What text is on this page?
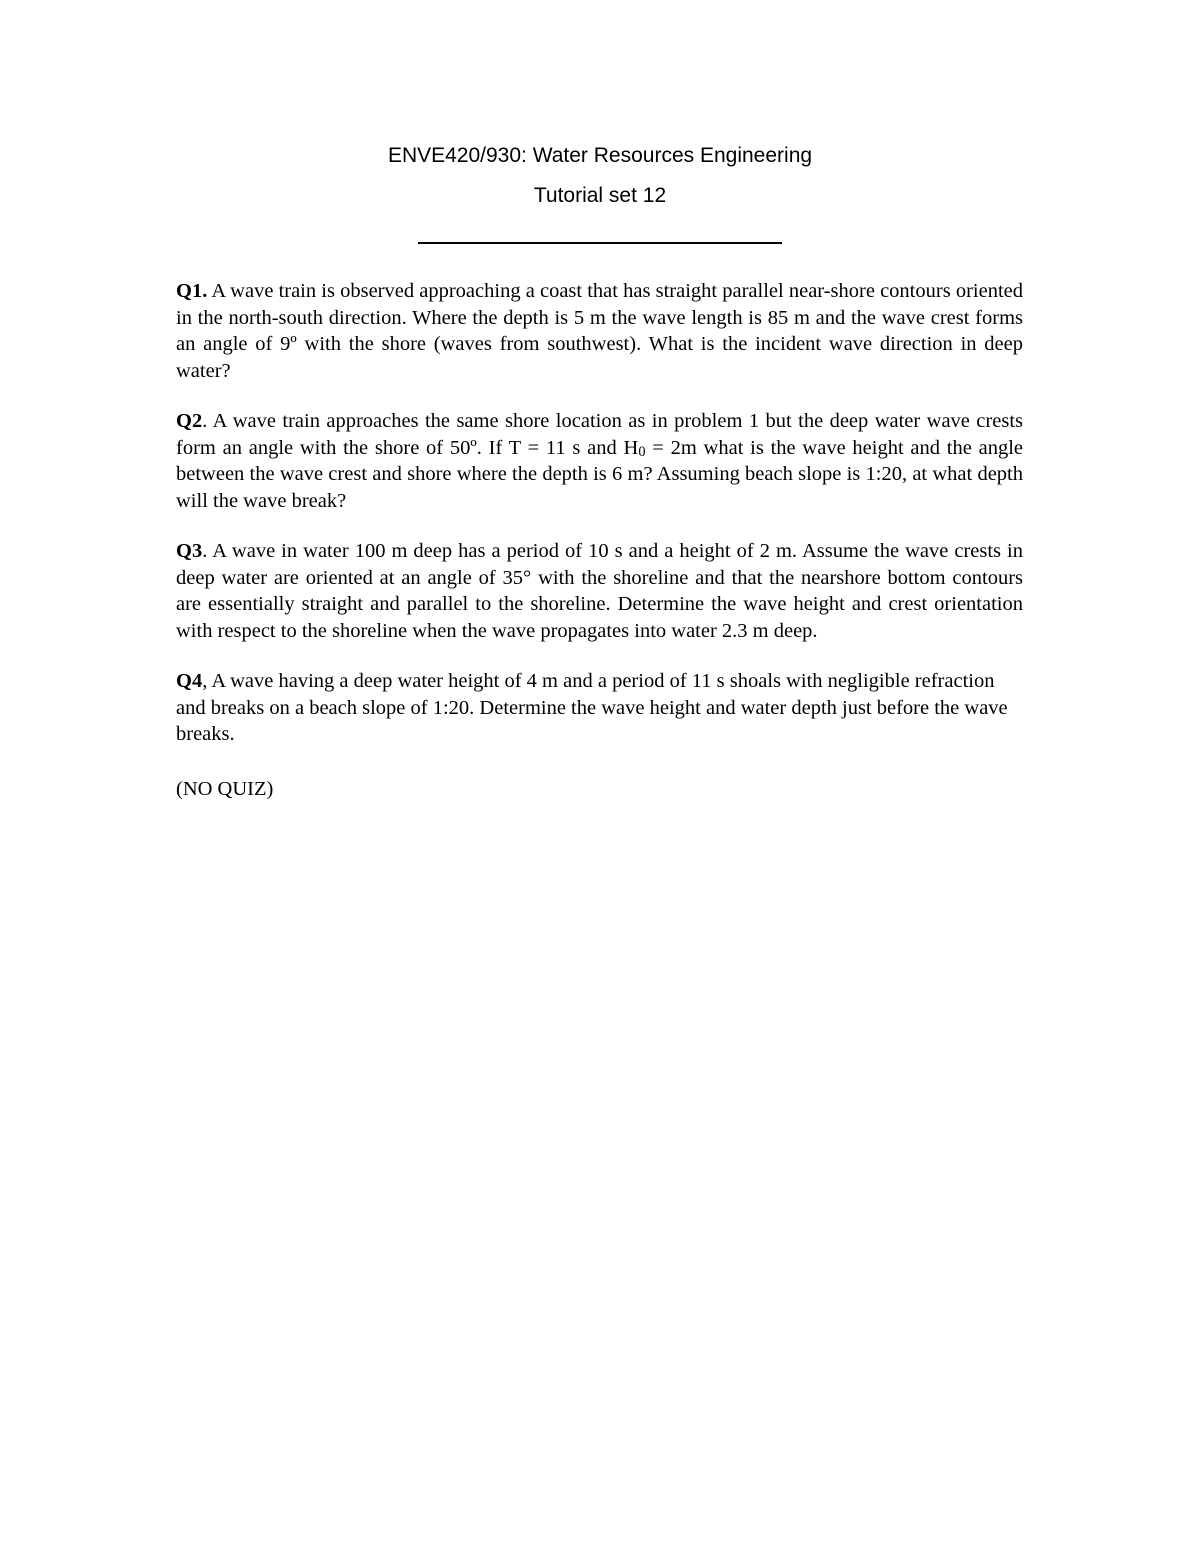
ENVE420/930: Water Resources Engineering
Tutorial set 12

Q1. A wave train is observed approaching a coast that has straight parallel near-shore contours oriented in the north-south direction. Where the depth is 5 m the wave length is 85 m and the wave crest forms an angle of 9º with the shore (waves from southwest). What is the incident wave direction in deep water?

Q2. A wave train approaches the same shore location as in problem 1 but the deep water wave crests form an angle with the shore of 50º. If T = 11 s and $H_0 = 2m$ what is the wave height and the angle between the wave crest and shore where the depth is 6 m? Assuming beach slope is 1:20, at what depth will the wave break?

Q3. A wave in water 100 m deep has a period of 10 s and a height of 2 m. Assume the wave crests in deep water are oriented at an angle of 35° with the shoreline and that the nearshore bottom contours are essentially straight and parallel to the shoreline. Determine the wave height and crest orientation with respect to the shoreline when the wave propagates into water 2.3 m deep.

Q4, A wave having a deep water height of 4 m and a period of 11 s shoals with negligible refraction and breaks on a beach slope of 1:20. Determine the wave height and water depth just before the wave breaks.

(NO QUIZ)
